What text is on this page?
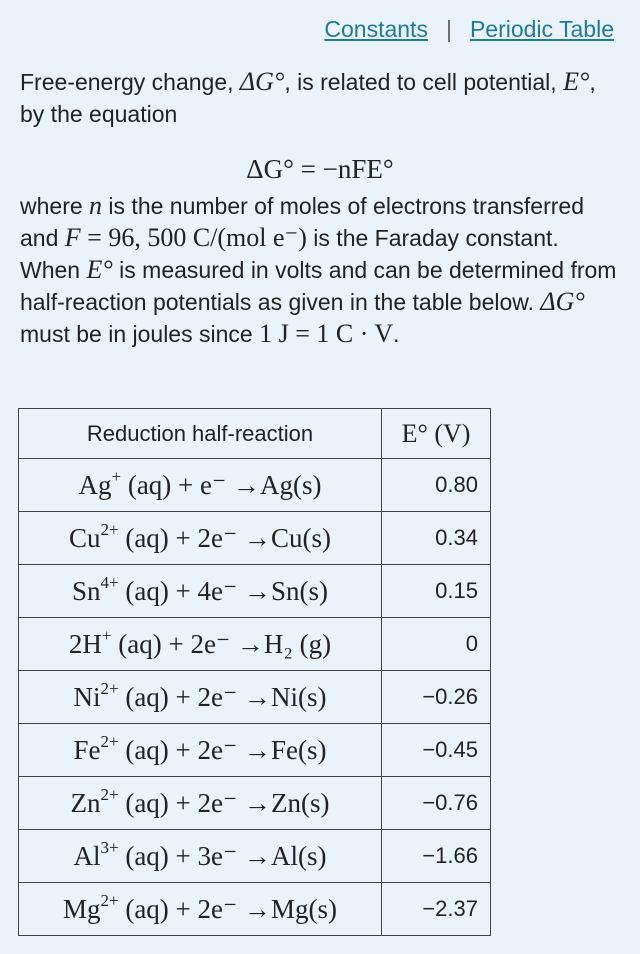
Constants | Periodic Table
Free-energy change, ΔG°, is related to cell potential, E°, by the equation
ΔG° = −nFE°
where n is the number of moles of electrons transferred and F = 96, 500 C/(mol e⁻) is the Faraday constant. When E° is measured in volts and can be determined from half-reaction potentials as given in the table below. ΔG° must be in joules since 1 J = 1 C · V.
Reduction half-reaction	E° (V)
Ag+ (aq) + e⁻ →Ag(s)	0.80
$Cu^{2+}$ (aq) + 2e⁻ →Cu(s)	0.34
$Sn^{4+}$ (aq) + 4e⁻ →Sn(s)	0.15
2H+ (aq) + 2e⁻ →H₂ (g)	0
$Ni^{2+}$ (aq) + 2e⁻ →Ni(s)	−0.26
$Fe^{2+}$ (aq) + 2e⁻ →Fe(s)	−0.45
$Zn^{2+}$ (aq) + 2e⁻ →Zn(s)	−0.76
$Al^{3+}$ (aq) + 3e⁻ →Al(s)	−1.66
$Mg^{2+}$ (aq) + 2e⁻ →Mg(s)	−2.37
